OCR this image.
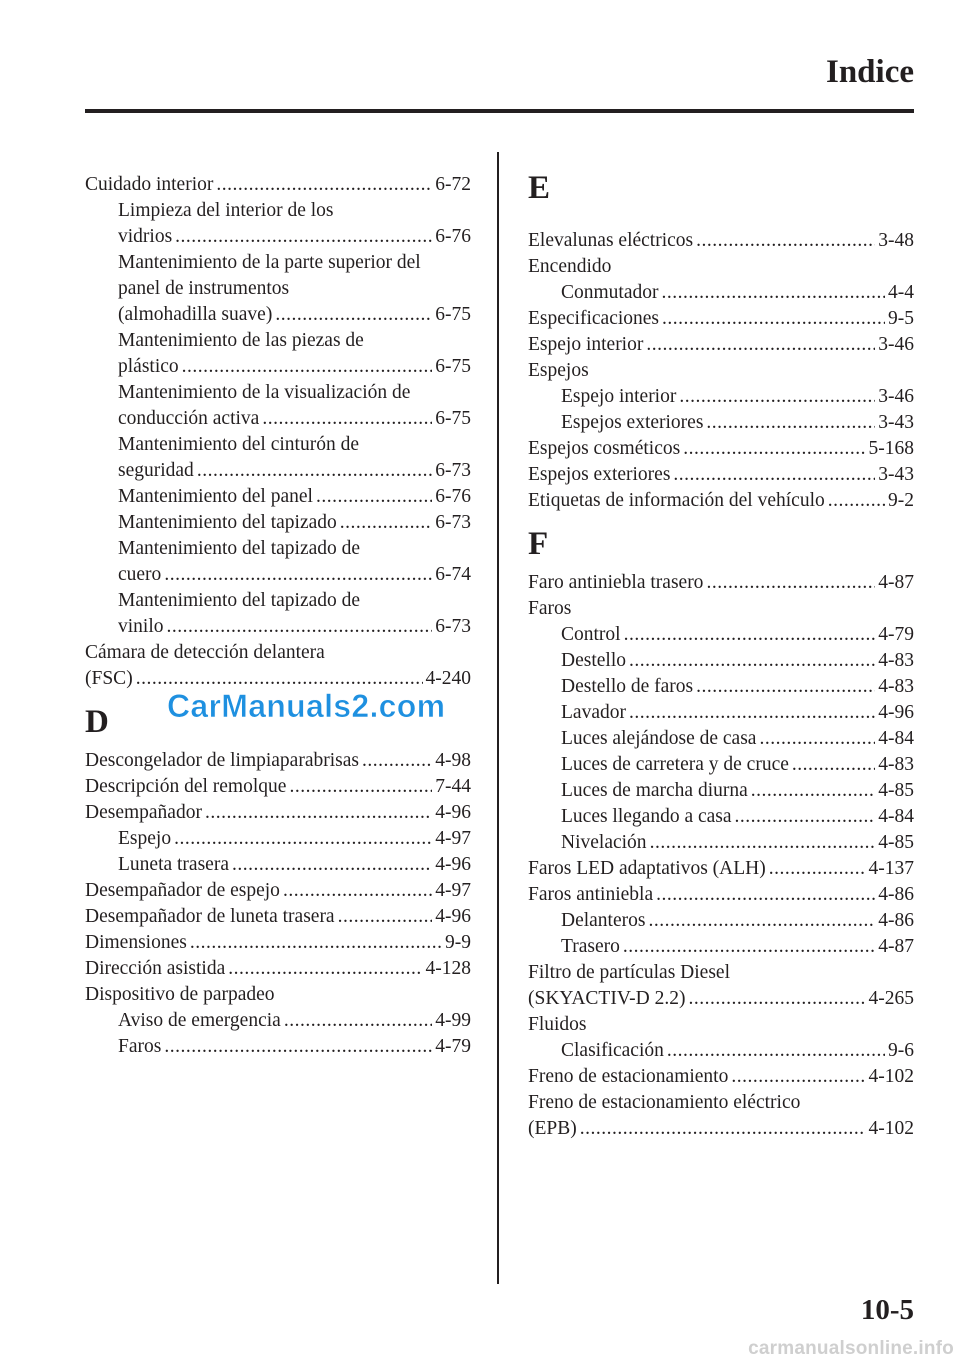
Indice
Cuidado interior .....	6-72
Limpieza del interior de los
vidrios .....	6-76
Mantenimiento de la parte superior del
panel de instrumentos
(almohadilla suave) .....	6-75
Mantenimiento de las piezas de
plástico .....	6-75
Mantenimiento de la visualización de
conducción activa .....	6-75
Mantenimiento del cinturón de
seguridad .....	6-73
Mantenimiento del panel .....	6-76
Mantenimiento del tapizado .....	6-73
Mantenimiento del tapizado de
cuero .....	6-74
Mantenimiento del tapizado de
vinilo .....	6-73
Cámara de detección delantera
(FSC) .....	4-240
D
Descongelador de limpiaparabrisas .....	4-98
Descripción del remolque .....	7-44
Desempañador .....	4-96
Espejo .....	4-97
Luneta trasera .....	4-96
Desempañador de espejo .....	4-97
Desempañador de luneta trasera .....	4-96
Dimensiones .....	9-9
Dirección asistida .....	4-128
Dispositivo de parpadeo
Aviso de emergencia .....	4-99
Faros .....	4-79
E
Elevalunas eléctricos .....	3-48
Encendido
Conmutador .....	4-4
Especificaciones .....	9-5
Espejo interior .....	3-46
Espejos
Espejo interior .....	3-46
Espejos exteriores .....	3-43
Espejos cosméticos .....	5-168
Espejos exteriores .....	3-43
Etiquetas de información del vehículo .....	9-2
F
Faro antiniebla trasero .....	4-87
Faros
Control .....	4-79
Destello .....	4-83
Destello de faros .....	4-83
Lavador .....	4-96
Luces alejándose de casa .....	4-84
Luces de carretera y de cruce .....	4-83
Luces de marcha diurna .....	4-85
Luces llegando a casa .....	4-84
Nivelación .....	4-85
Faros LED adaptativos (ALH) .....	4-137
Faros antiniebla .....	4-86
Delanteros .....	4-86
Trasero .....	4-87
Filtro de partículas Diesel
(SKYACTIV-D 2.2) .....	4-265
Fluidos
Clasificación .....	9-6
Freno de estacionamiento .....	4-102
Freno de estacionamiento eléctrico
(EPB) .....	4-102
CarManuals2.com
10-5
carmanualsonline.info
